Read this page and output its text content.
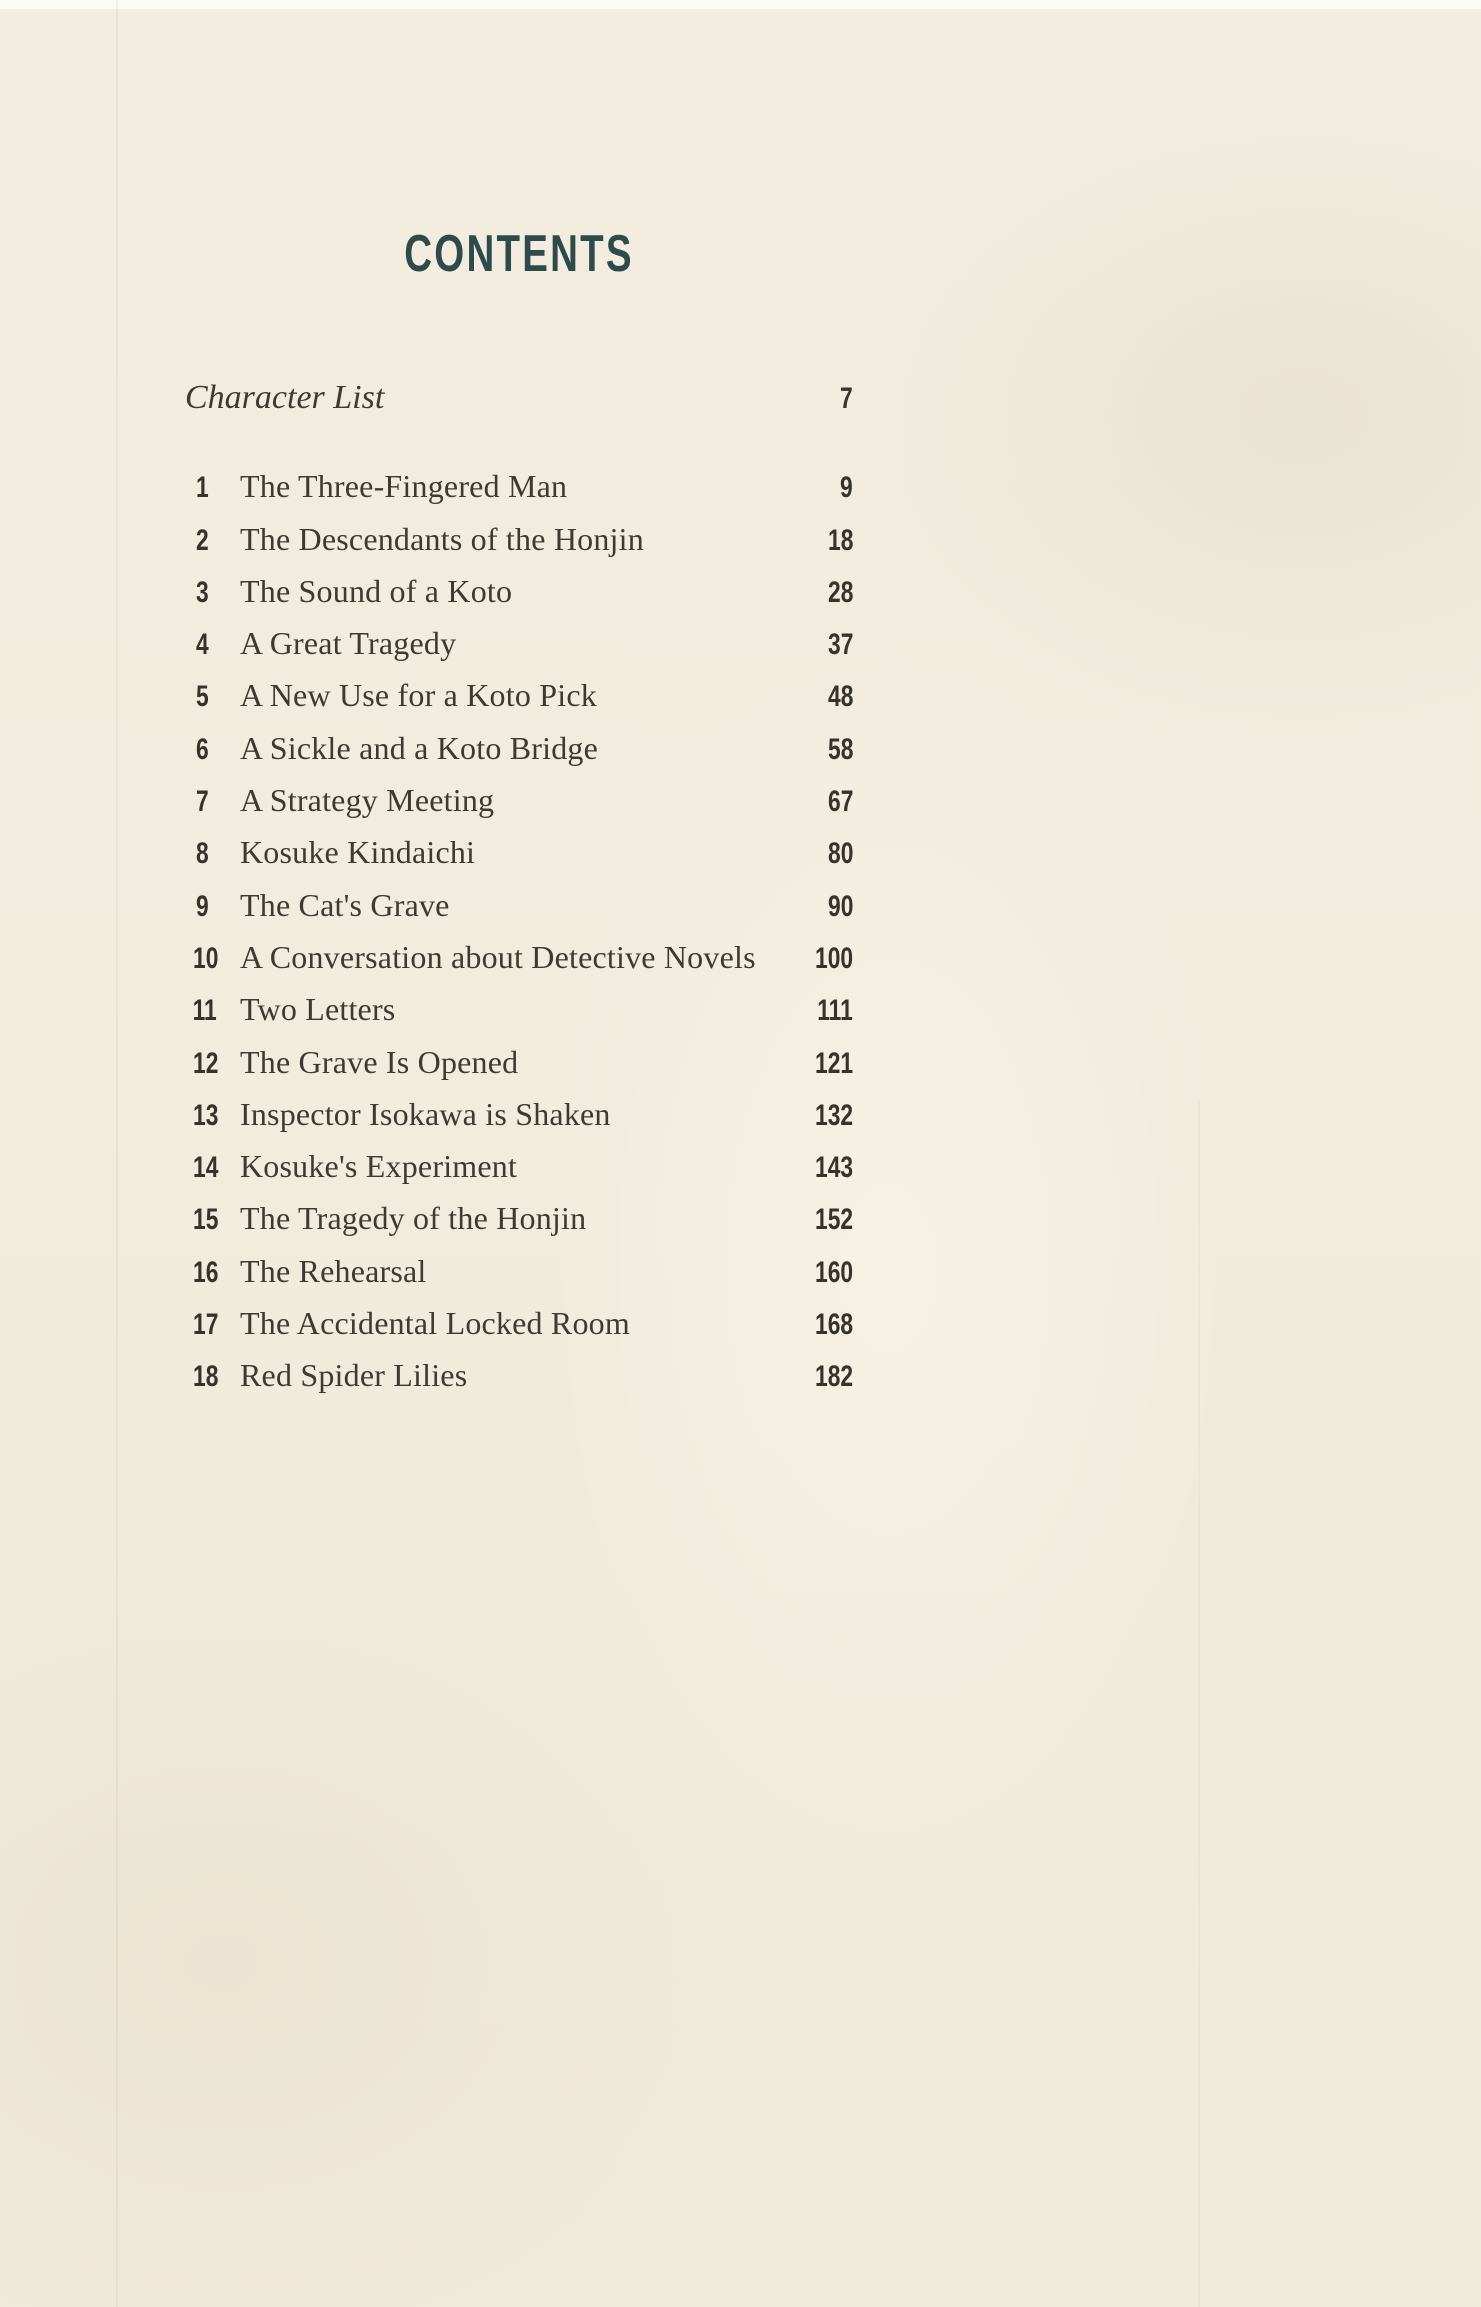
CONTENTS
Character List	7
1 The Three-Fingered Man	9
2 The Descendants of the Honjin	18
3 The Sound of a Koto	28
4 A Great Tragedy	37
5 A New Use for a Koto Pick	48
6 A Sickle and a Koto Bridge	58
7 A Strategy Meeting	67
8 Kosuke Kindaichi	80
9 The Cat's Grave	90
10 A Conversation about Detective Novels	100
11 Two Letters	111
12 The Grave Is Opened	121
13 Inspector Isokawa is Shaken	132
14 Kosuke's Experiment	143
15 The Tragedy of the Honjin	152
16 The Rehearsal	160
17 The Accidental Locked Room	168
18 Red Spider Lilies	182
